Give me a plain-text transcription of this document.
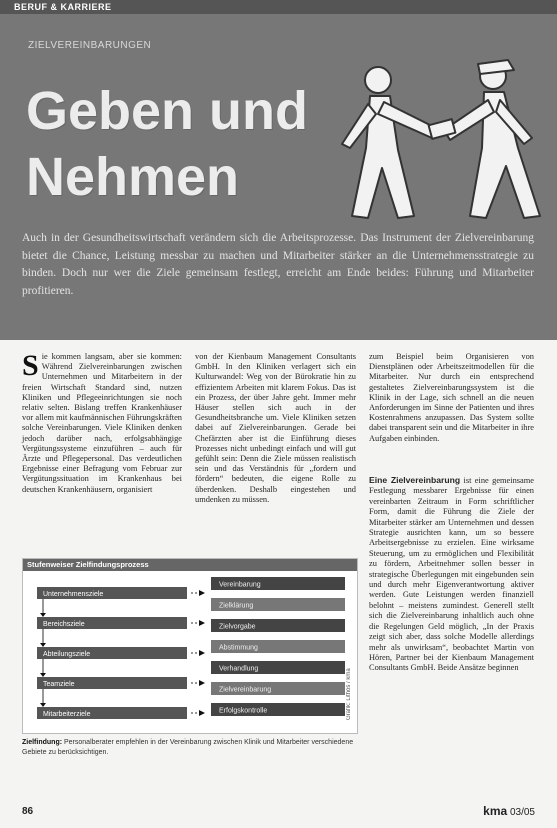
ZIELVEREINBARUNGEN
Geben und
Nehmen

Auch in der Gesundheitswirtschaft verändern sich die Arbeitsprozesse. Das Instrument der Zielvereinbarung bietet die Chance, Leistung messbar zu machen und Mitarbeiter stärker an die Unternehmensstrategie zu binden. Doch nur wer die Ziele gemeinsam festlegt, erreicht am Ende beides: Führung und Mitarbeiter profitieren.

BERUF & KARRIERE

Sie kommen langsam, aber sie kommen: Während Zielvereinbarungen zwischen Unternehmen und Mitarbeitern in der freien Wirtschaft Standard sind, nutzen Kliniken und Pflegeeinrichtungen sie noch relativ selten. Bislang treffen Krankenhäuser vor allem mit kaufmännischen Führungskräften solche Vereinbarungen. Viele Kliniken denken jedoch darüber nach, erfolgsabhängige Vergütungssysteme einzuführen – auch für Ärzte und Pflegepersonal. Das verdeutlichen Ergebnisse einer Befragung vom Februar zur Vergütungssituation im Krankenhaus bei deutschen Krankenhäusern, organisiert

von der Kienbaum Management Consultants GmbH. In den Kliniken verlagert sich ein Kulturwandel: Weg von der Bürokratie hin zu effizientem Arbeiten mit klarem Fokus. Das ist ein Prozess, der über Jahre geht. Immer mehr Häuser stellen sich auch in der Gesundheitsbranche um. Viele Kliniken setzen dabei auf Zielvereinbarungen. Gerade bei Chefärzten aber ist die Einführung dieses Prozesses nicht unbedingt einfach und will gut gefühlt sein: Denn die Ziele müssen realistisch sein und das Verständnis für „fordern und fördern“ bedeuten, die eigene Rolle zu überdenken. Deshalb eingestehen und umdenken zu müssen.

zum Beispiel beim Organisieren von Dienstplänen oder Arbeitszeitmodellen für die Mitarbeiter. Nur durch ein entsprechend gestaltetes Zielvereinbarungssystem ist die Klinik in der Lage, sich schnell an die neuen Anforderungen im Sinne der Patienten und ihres Kostenrahmens anzupassen. Das System sollte dabei transparent sein und die Mitarbeiter in ihre Aufgaben einbinden.

Eine Zielvereinbarung ist eine gemeinsame Festlegung messbarer Ergebnisse für einen vereinbarten Zeitraum in Form schriftlicher Form, damit die Führung die Ziele der Mitarbeiter stärker am Unternehmen und dessen Strategie ausrichten kann, um so bessere Arbeitsergebnisse zu erzielen. Eine wirksame Steuerung, um zu ermöglichen und Flexibilität zu fördern, Arbeitnehmer sollen besser in strategische Überlegungen mit eingebunden sein und durch mehr Eigenverantwortung aktiver werden. Gute Leistungen werden finanziell belohnt – meistens zumindest. Generell stellt sich die Zielvereinbarung inhaltlich auch ohne die Regelungen Geld möglich, „In der Praxis zeigt sich aber, dass solche Modelle allerdings mehr als unwirksam“, beobachtet Martin von Hören, Partner bei der Kienbaum Management Consultants GmbH. Beide Ansätze beginnen

Stufenweiser Zielfindungsprozess
Unternehmensziele
Bereichsziele
Abteilungsziele
Teamziele
Mitarbeiterziele
Vereinbarung
Zielklärung
Zielvorgabe
Abstimmung
Verhandlung
Zielvereinbarung
Erfolgskontrolle	Grafik: Lithos / kma

Zielfindung: Personalberater empfehlen in der Vereinbarung zwischen Klinik und Mitarbeiter verschiedene Gebiete zu berücksichtigen.

86	kma 03/05
